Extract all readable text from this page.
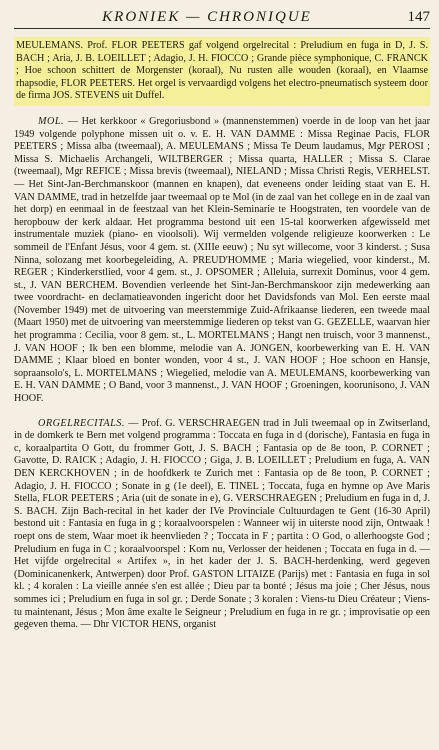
KRONIEK — CHRONIQUE	147

MEULEMANS. Prof. FLOR PEETERS gaf volgend orgelrecital : Preludium en fuga in D, J. S. BACH ; Aria, J. B. LOEILLET ; Adagio, J. H. FIOCCO ; Grande pièce symphonique, C. FRANCK ; Hoe schoon schittert de Morgenster (koraal), Nu rusten alle wouden (koraal), en Vlaamse rhapsodie, FLOR PEETERS. Het orgel is vervaardigd volgens het electro-pneumatisch systeem door de firma JOS. STEVENS uit Duffel.

MOL. — Het kerkkoor « Gregoriusbond » (mannenstemmen) voerde in de loop van het jaar 1949 volgende polyphone missen uit o. v. E. H. VAN DAMME : Missa Reginae Pacis, FLOR PEETERS ; Missa alba (tweemaal), A. MEULEMANS ; Missa Te Deum laudamus, Mgr PEROSI ; Missa S. Michaelis Archangeli, WILTBERGER ; Missa quarta, HALLER ; Missa S. Clarae (tweemaal), Mgr REFICE ; Missa brevis (tweemaal), NIELAND ; Missa Christi Regis, VERHELST. — Het Sint-Jan-Berchmanskoor (mannen en knapen), dat eveneens onder leiding staat van E. H. VAN DAMME, trad in hetzelfde jaar tweemaal op te Mol (in de zaal van het college en in de zaal van het dorp) en eenmaal in de feestzaal van het Klein-Seminarie te Hoogstraten, ten voordele van de heropbouw der kerk aldaar. Het programma bestond uit een 15-tal koorwerken afgewisseld met instrumentale muziek (piano- en vioolsoli). Wij vermelden volgende religieuze koorwerken : Le sommeil de l'Enfant Jésus, voor 4 gem. st. (XIIIe eeuw) ; Nu syt willecome, voor 3 kinderst. ; Susa Ninna, solozang met koorbegeleiding, A. PREUD'HOMME ; Maria wiegelied, voor kinderst., M. REGER ; Kinderkerstlied, voor 4 gem. st., J. OPSOMER ; Alleluia, surrexit Dominus, voor 4 gem. st., J. VAN BERCHEM. Bovendien verleende het Sint-Jan-Berchmanskoor zijn medewerking aan twee voordracht- en declamatieavonden ingericht door het Davidsfonds van Mol. Een eerste maal (November 1949) met de uitvoering van meerstemmige Zuid-Afrikaanse liederen, een tweede maal (Maart 1950) met de uitvoering van meerstemmige liederen op tekst van G. GEZELLE, waarvan hier het programma : Cecilia, voor 8 gem. st., L. MORTELMANS ; Hangt nen truisch, voor 3 mannenst., J. VAN HOOF ; Ik ben een blomme, melodie van A. JONGEN, koorbewerking van E. H. VAN DAMME ; Klaar bloed en bonter wonden, voor 4 st., J. VAN HOOF ; Hoe schoon en Hansje, sopraansolo's, L. MORTELMANS ; Wiegelied, melodie van A. MEULEMANS, koorbewerking van E. H. VAN DAMME ; O Band, voor 3 mannenst., J. VAN HOOF ; Groeningen, koorunisono, J. VAN HOOF.

ORGELRECITALS. — Prof. G. VERSCHRAEGEN trad in Juli tweemaal op in Zwitserland, in de domkerk te Bern met volgend programma : Toccata en fuga in d (dorische), Fantasia en fuga in c, koraalpartita O Gott, du frommer Gott, J. S. BACH ; Fantasia op de 8e toon, P. CORNET ; Gavotte, D. RAICK ; Adagio, J. H. FIOCCO ; Giga, J. B. LOEILLET ; Preludium en fuga, A. VAN DEN KERCKHOVEN ; in de hoofdkerk te Zurich met : Fantasia op de 8e toon, P. CORNET ; Adagio, J. H. FIOCCO ; Sonate in g (1e deel), E. TINEL ; Toccata, fuga en hymne op Ave Maris Stella, FLOR PEETERS ; Aria (uit de sonate in e), G. VERSCHRAEGEN ; Preludium en fuga in d, J. S. BACH. Zijn Bach-recital in het kader der IVe Provinciale Cultuurdagen te Gent (16-30 April) bestond uit : Fantasia en fuga in g ; koraalvoorspelen : Wanneer wij in uiterste nood zijn, Ontwaak ! roept ons de stem, Waar moet ik heenvlieden ? ; Toccata in F ; partita : O God, o allerhoogste God ; Preludium en fuga in C ; koraalvoorspel : Kom nu, Verlosser der heidenen ; Toccata en fuga in d. — Het vijfde orgelrecital « Artifex », in het kader der J. S. BACH-herdenking, werd gegeven (Dominicanenkerk, Antwerpen) door Prof. GASTON LITAIZE (Parijs) met : Fantasia en fuga in sol kl. ; 4 koralen : La vieille année s'en est allée ; Dieu par ta bonté ; Jésus ma joie ; Cher Jésus, nous sommes ici ; Preludium en fuga in sol gr. ; Derde Sonate ; 3 koralen : Viens-tu Dieu Créateur ; Viens-tu maintenant, Jésus ; Mon âme exalte le Seigneur ; Preludium en fuga in re gr. ; improvisatie op een gegeven thema. — Dhr VICTOR HENS, organist
